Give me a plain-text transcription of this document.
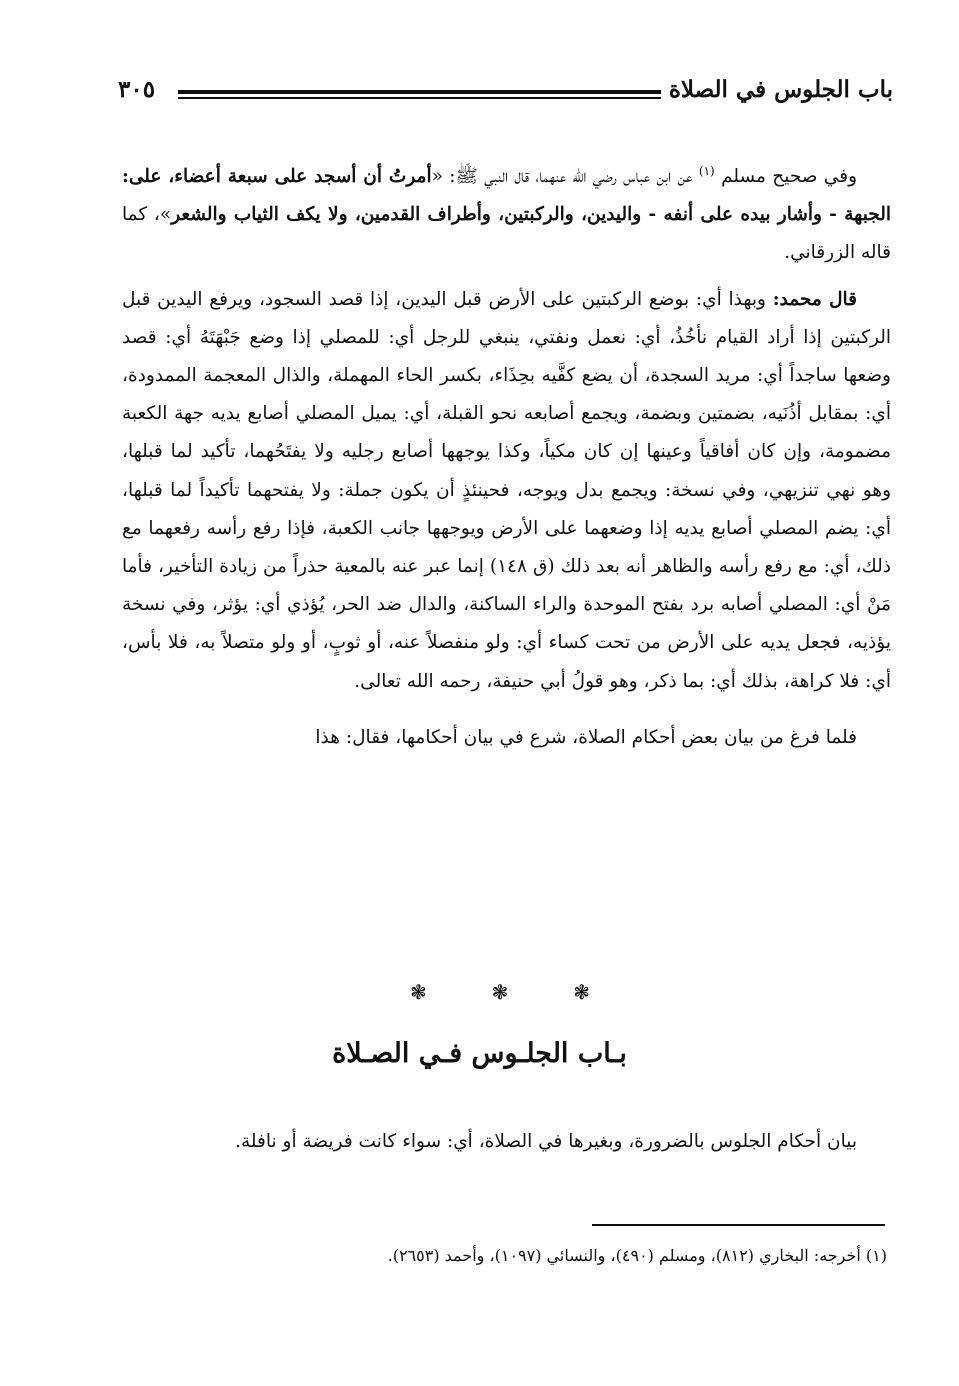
باب الجلوس في الصلاة
٣٠٥

وفي صحيح مسلم $^{(١)}$ عن ابن عباس رضي الله عنهما، قال النبي ﷺ: «أمرتُ أن أسجد على سبعة أعضاء، على: الجبهة - وأشار بيده على أنفه - واليدين، والركبتين، وأطراف القدمين، ولا يكف الثياب والشعر»، كما قاله الزرقاني.

قال محمد: وبهذا أي: بوضع الركبتين على الأرض قبل اليدين، إذا قصد السجود، ويرفع اليدين قبل الركبتين إذا أراد القيام نأخُذُ، أي: نعمل ونفتي، ينبغي للرجل أي: للمصلي إذا وضع جَبْهَتَهُ أي: قصد وضعها ساجداً أي: مريد السجدة، أن يضع كفَّيه بحِذَاء، بكسر الحاء المهملة، والذال المعجمة الممدودة، أي: بمقابل أذُنَيه، بضمتين وبضمة، ويجمع أصابعه نحو القبلة، أي: يميل المصلي أصابع يديه جهة الكعبة مضمومة، وإن كان أفاقياً وعينها إن كان مكياً، وكذا يوجهها أصابع رجليه ولا يفتَحُهما، تأكيد لما قبلها، وهو نهي تنزيهي، وفي نسخة: ويجمع بدل ويوجه، فحينئذٍ أن يكون جملة: ولا يفتحهما تأكيداً لما قبلها، أي: يضم المصلي أصابع يديه إذا وضعهما على الأرض ويوجهها جانب الكعبة، فإذا رفع رأسه رفعهما مع ذلك، أي: مع رفع رأسه والظاهر أنه بعد ذلك (ق ١٤٨) إنما عبر عنه بالمعية حذراً من زيادة التأخير، فأما مَنْ أي: المصلي أصابه برد بفتح الموحدة والراء الساكنة، والدال ضد الحر، يُؤذي أي: يؤثر، وفي نسخة يؤذيه، فجعل يديه على الأرض من تحت كساء أي: ولو منفصلاً عنه، أو ثوبٍ، أو ولو متصلاً به، فلا بأس، أي: فلا كراهة، بذلك أي: بما ذكر، وهو قولُ أبي حنيفة، رحمه الله تعالى.

فلما فرغ من بيان بعض أحكام الصلاة، شرع في بيان أحكامها، فقال: هذا

❃	❃	❃
بـاب الجلـوس فـي الصـلاة

بيان أحكام الجلوس بالضرورة، وبغيرها في الصلاة، أي: سواء كانت فريضة أو نافلة.

(١) أخرجه: البخاري (٨١٢)، ومسلم (٤٩٠)، والنسائي (١٠٩٧)، وأحمد (٢٦٥٣).
